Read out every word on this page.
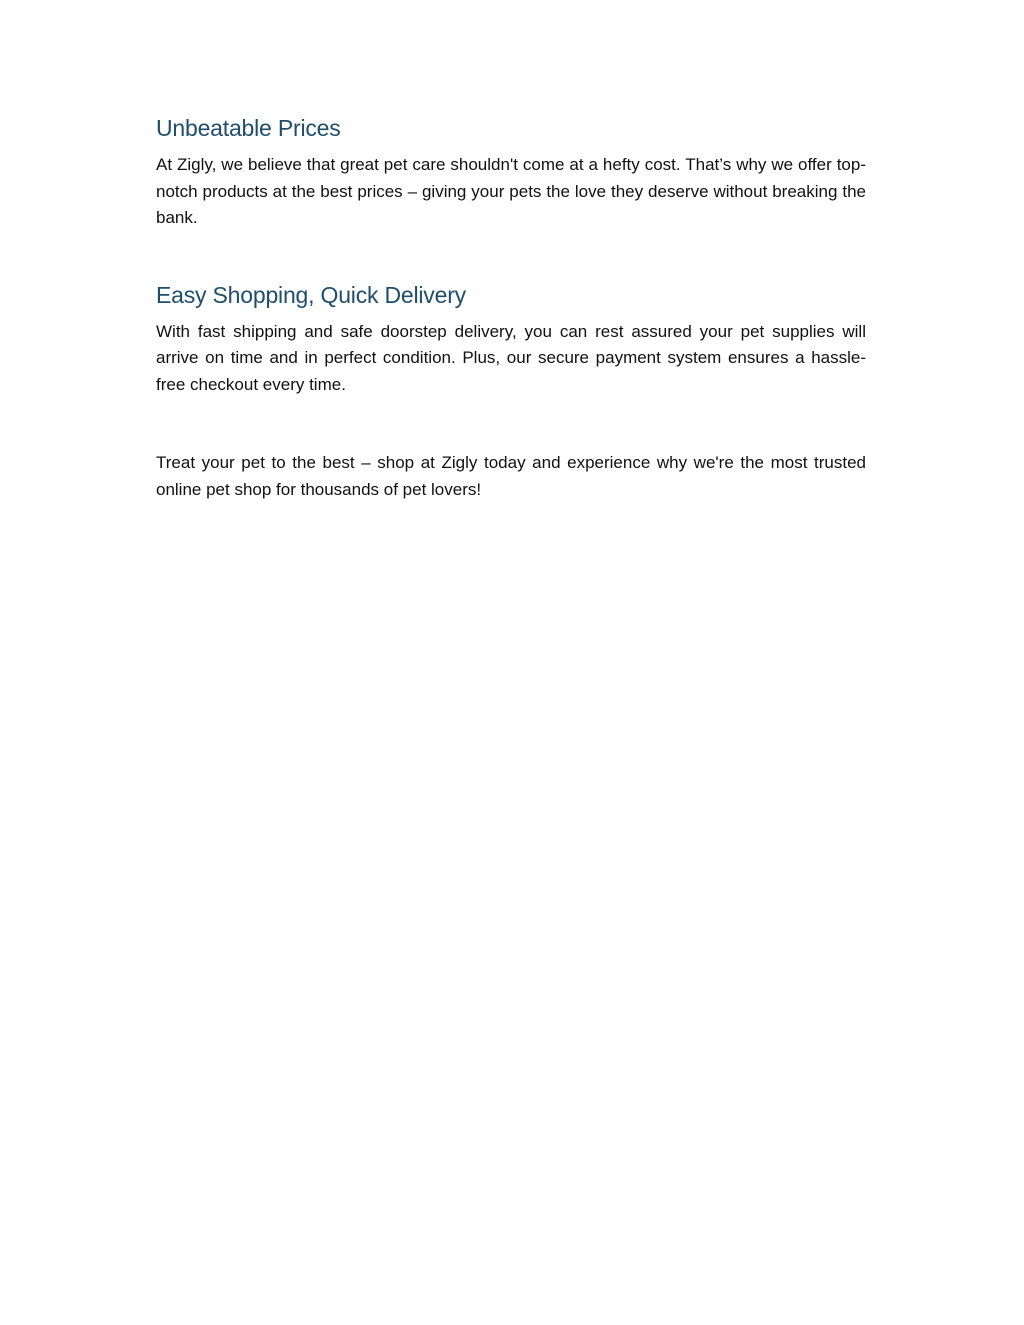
Unbeatable Prices

At Zigly, we believe that great pet care shouldn't come at a hefty cost. That’s why we offer top-notch products at the best prices – giving your pets the love they deserve without breaking the bank.

Easy Shopping, Quick Delivery

With fast shipping and safe doorstep delivery, you can rest assured your pet supplies will arrive on time and in perfect condition. Plus, our secure payment system ensures a hassle-free checkout every time.

Treat your pet to the best – shop at Zigly today and experience why we're the most trusted online pet shop for thousands of pet lovers!
